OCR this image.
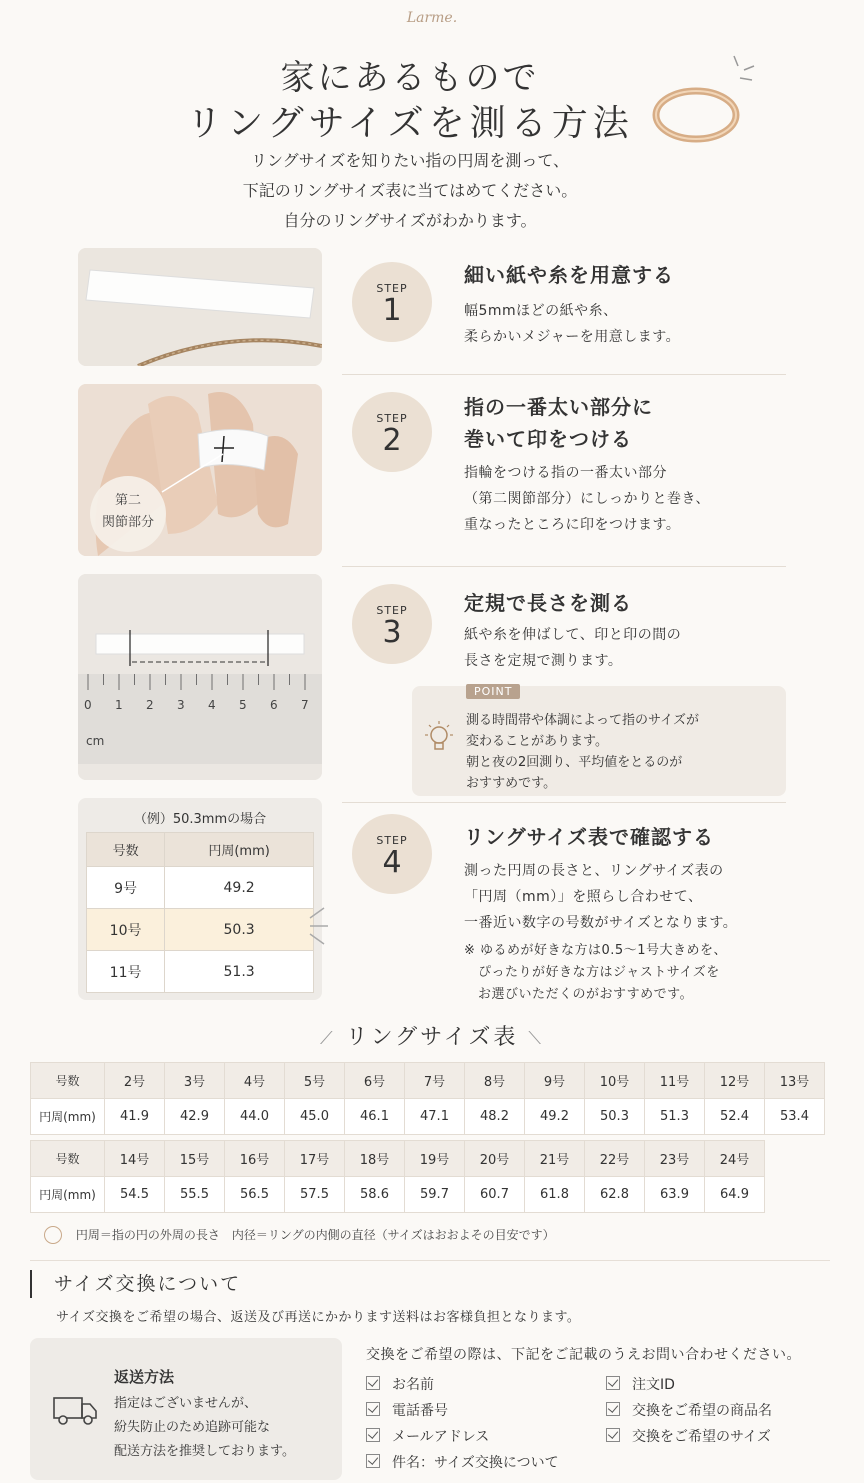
Larme.
家にあるもので
リングサイズを測る方法
リングサイズを知りたい指の円周を測って、
下記のリングサイズ表に当てはめてください。
自分のリングサイズがわかります。
第二
関節部分
0 1 2 3 4 5 6 7
cm
STEP
1
細い紙や糸を用意する
幅5mmほどの紙や糸、
柔らかいメジャーを用意します。
STEP
2
指の一番太い部分に
巻いて印をつける
指輪をつける指の一番太い部分
（第二関節部分）にしっかりと巻き、
重なったところに印をつけます。
STEP
3
定規で長さを測る
紙や糸を伸ばして、印と印の間の
長さを定規で測ります。
POINT
測る時間帯や体調によって指のサイズが
変わることがあります。
朝と夜の2回測り、平均値をとるのが
おすすめです。
（例）50.3mmの場合
号数	円周(mm)
9号	49.2
10号	50.3
11号	51.3
STEP
4
リングサイズ表で確認する
測った円周の長さと、リングサイズ表の
「円周（mm）」を照らし合わせて、
一番近い数字の号数がサイズとなります。
※ ゆるめが好きな方は0.5～1号大きめを、
ぴったりが好きな方はジャストサイズを
お選びいただくのがおすすめです。
⟋ リングサイズ表 ⟍
号数	2号	3号	4号	5号	6号	7号	8号	9号	10号	11号	12号	13号
円周(mm)	41.9	42.9	44.0	45.0	46.1	47.1	48.2	49.2	50.3	51.3	52.4	53.4
号数	14号	15号	16号	17号	18号	19号	20号	21号	22号	23号	24号
円周(mm)	54.5	55.5	56.5	57.5	58.6	59.7	60.7	61.8	62.8	63.9	64.9
円周＝指の円の外周の長さ　内径＝リングの内側の直径（サイズはおおよその目安です）
サイズ交換について
サイズ交換をご希望の場合、返送及び再送にかかります送料はお客様負担となります。
返送方法
指定はございませんが、
紛失防止のため追跡可能な
配送方法を推奨しております。
交換をご希望の際は、下記をご記載のうえお問い合わせください。
お名前
電話番号
メールアドレス
件名：サイズ交換について
注文ID
交換をご希望の商品名
交換をご希望のサイズ
